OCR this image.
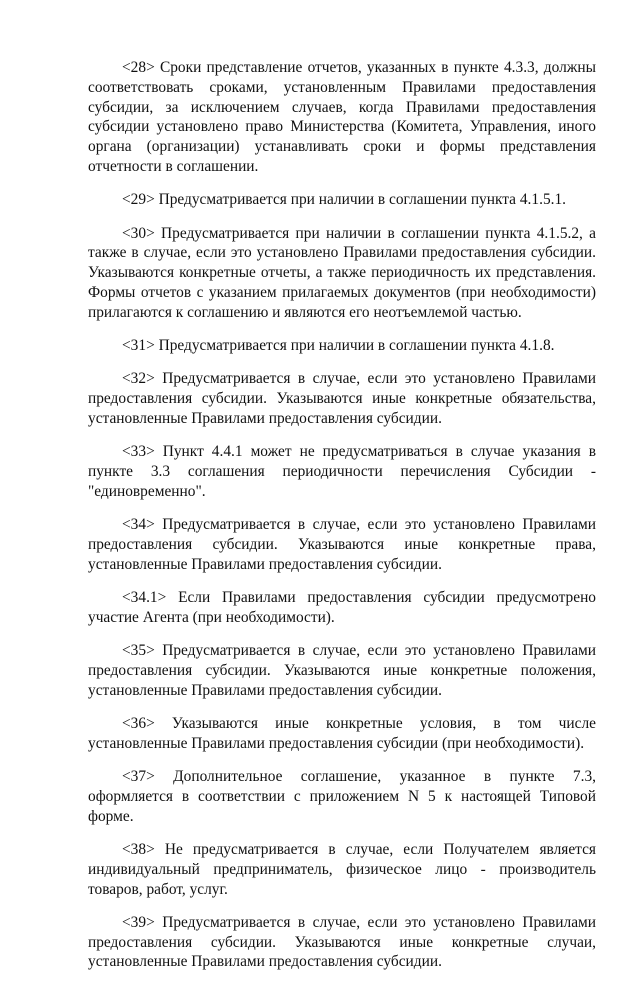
<28> Сроки представление отчетов, указанных в пункте 4.3.3, должны соответствовать сроками, установленным Правилами предоставления субсидии, за исключением случаев, когда Правилами предоставления субсидии установлено право Министерства (Комитета, Управления, иного органа (организации) устанавливать сроки и формы представления отчетности в соглашении.

<29> Предусматривается при наличии в соглашении пункта 4.1.5.1.

<30> Предусматривается при наличии в соглашении пункта 4.1.5.2, а также в случае, если это установлено Правилами предоставления субсидии. Указываются конкретные отчеты, а также периодичность их представления. Формы отчетов с указанием прилагаемых документов (при необходимости) прилагаются к соглашению и являются его неотъемлемой частью.

<31> Предусматривается при наличии в соглашении пункта 4.1.8.

<32> Предусматривается в случае, если это установлено Правилами предоставления субсидии. Указываются иные конкретные обязательства, установленные Правилами предоставления субсидии.

<33> Пункт 4.4.1 может не предусматриваться в случае указания в пункте 3.3 соглашения периодичности перечисления Субсидии - "единовременно".

<34> Предусматривается в случае, если это установлено Правилами предоставления субсидии. Указываются иные конкретные права, установленные Правилами предоставления субсидии.

<34.1> Если Правилами предоставления субсидии предусмотрено участие Агента (при необходимости).

<35> Предусматривается в случае, если это установлено Правилами предоставления субсидии. Указываются иные конкретные положения, установленные Правилами предоставления субсидии.

<36> Указываются иные конкретные условия, в том числе установленные Правилами предоставления субсидии (при необходимости).

<37> Дополнительное соглашение, указанное в пункте 7.3, оформляется в соответствии с приложением N 5 к настоящей Типовой форме.

<38> Не предусматривается в случае, если Получателем является индивидуальный предприниматель, физическое лицо - производитель товаров, работ, услуг.

<39> Предусматривается в случае, если это установлено Правилами предоставления субсидии. Указываются иные конкретные случаи, установленные Правилами предоставления субсидии.
